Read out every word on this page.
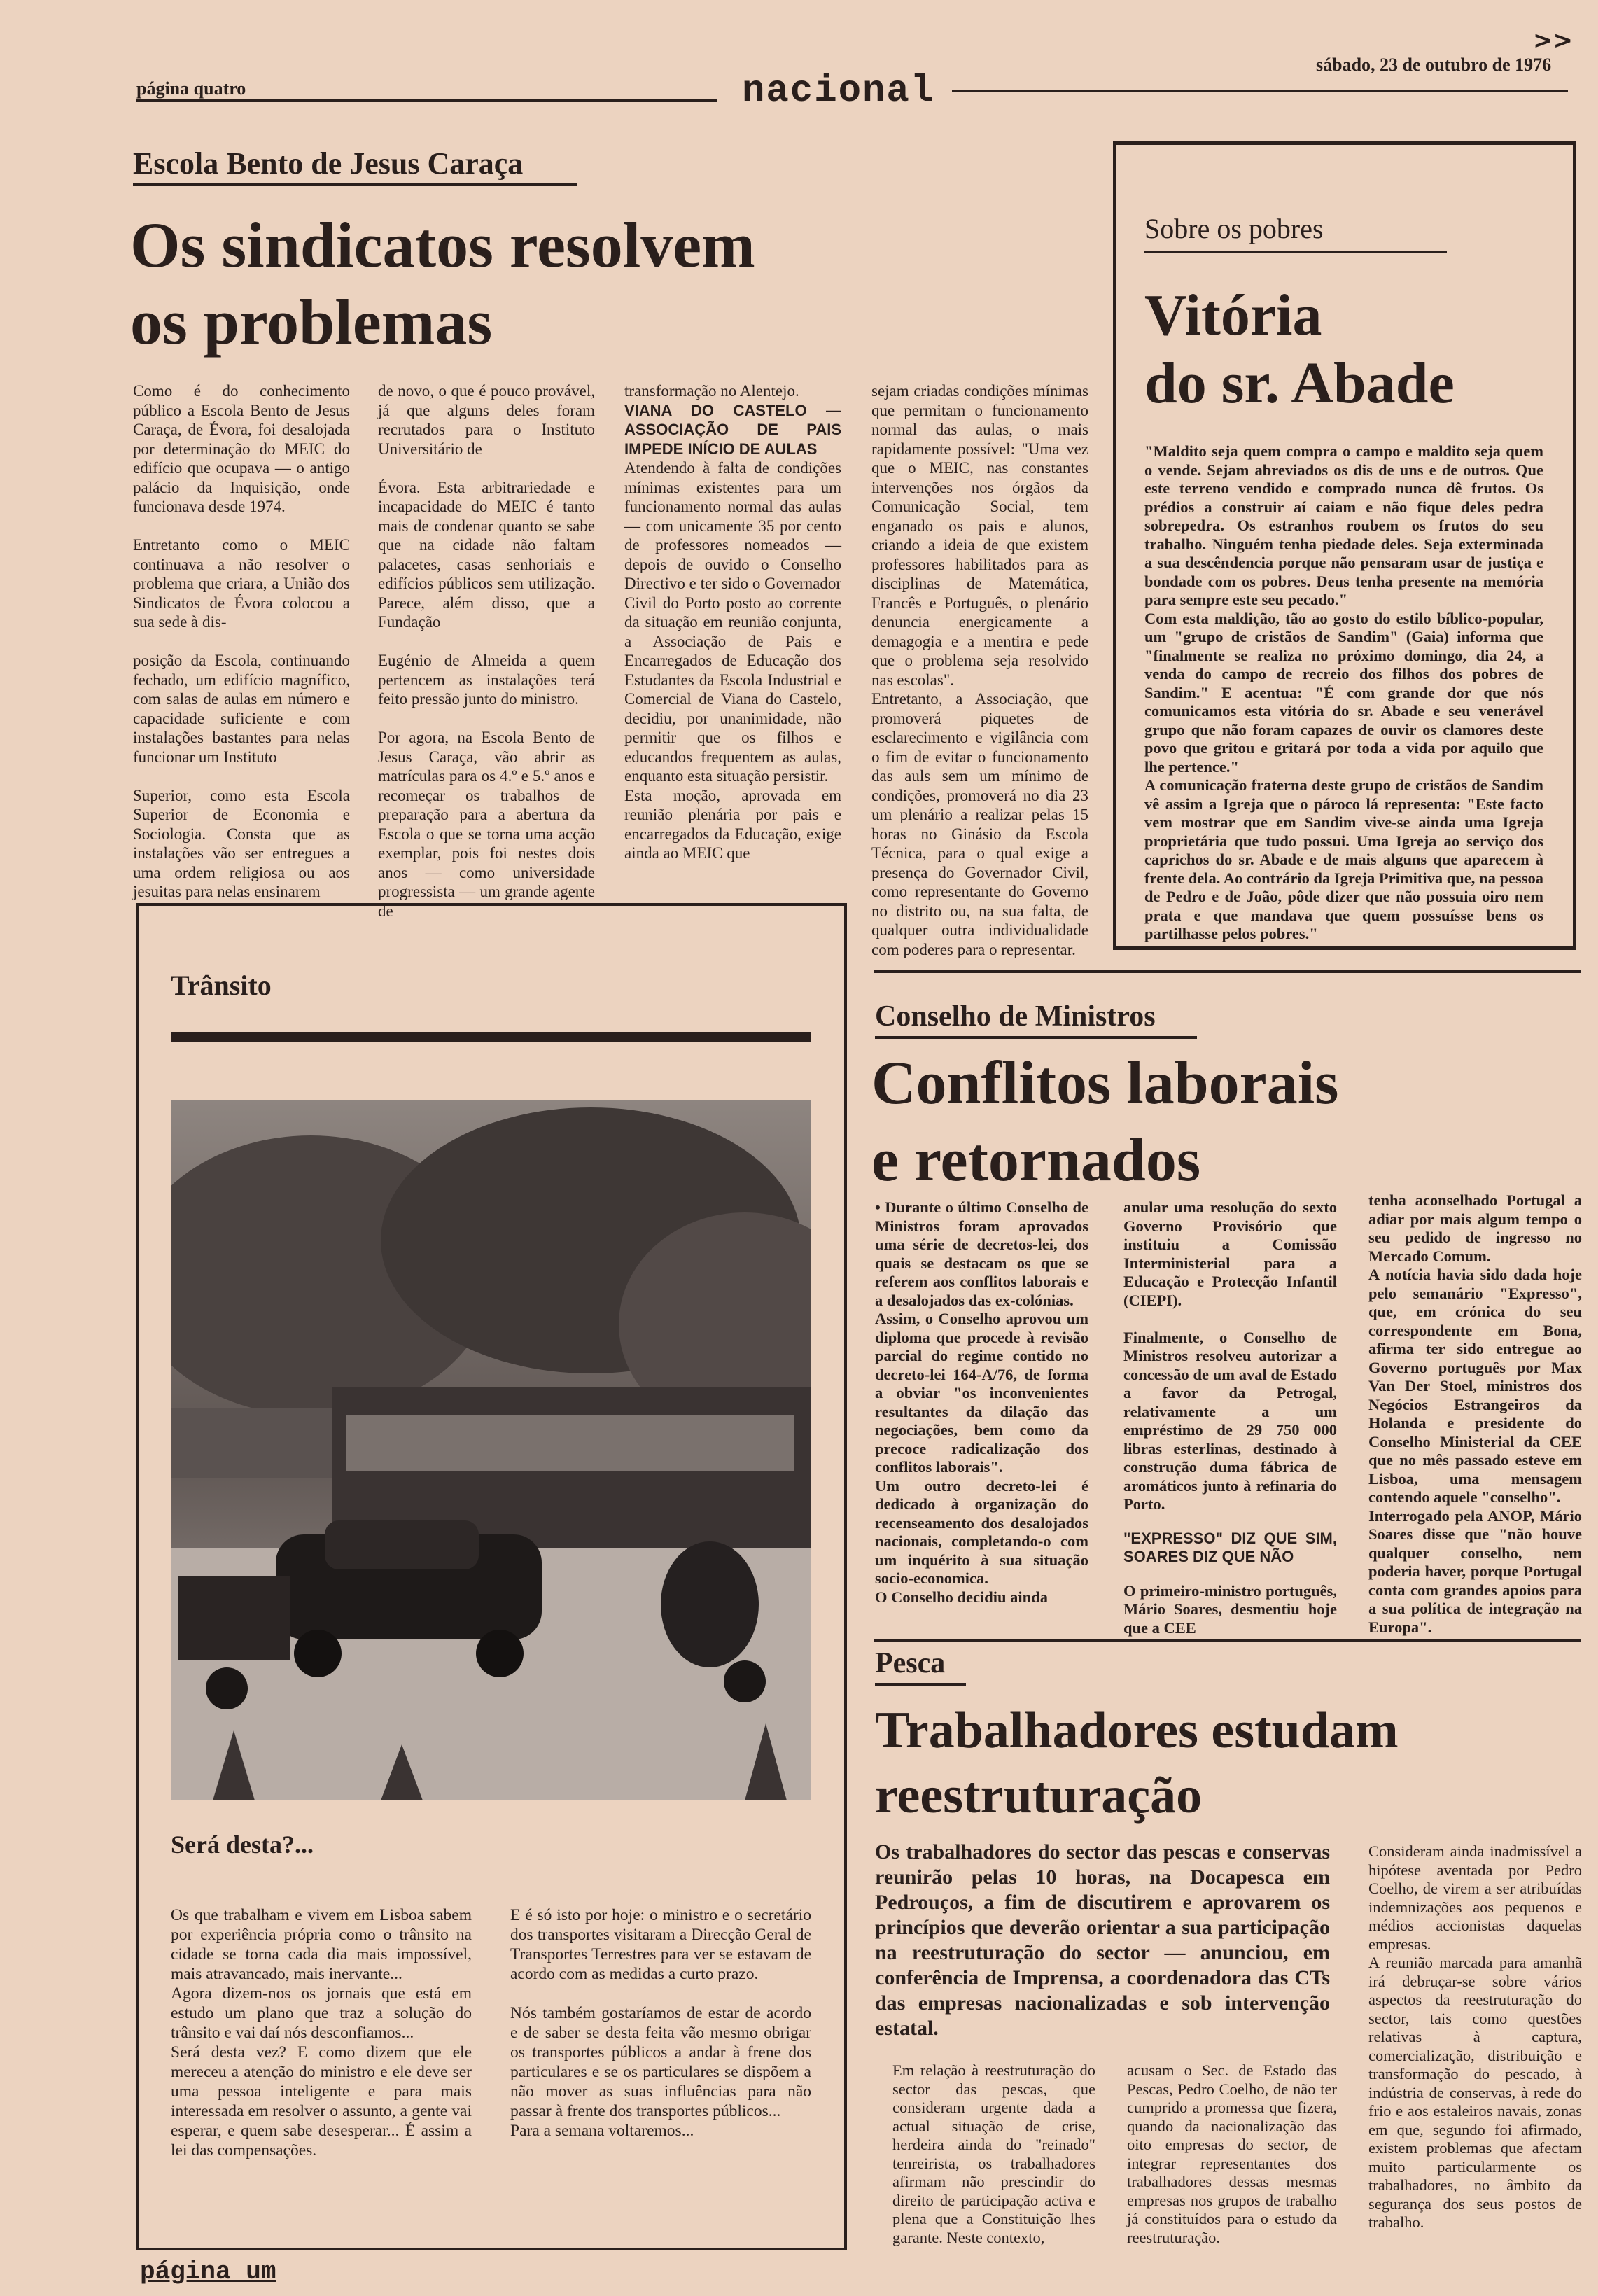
página quatro	nacional
sábado, 23 de outubro de 1976
>>
Escola Bento de Jesus Caraça
Os sindicatos resolvem
os problemas
Como é do conhecimento público a Escola Bento de Jesus Caraça, de Évora, foi desalojada por determinação do MEIC do edifício que ocupava — o antigo palácio da Inquisição, onde funcionava desde 1974.

Entretanto como o MEIC continuava a não resolver o problema que criara, a União dos Sindicatos de Évora colocou a sua sede à dis-

posição da Escola, continuando fechado, um edifício magnífico, com salas de aulas em número e capacidade suficiente e com instalações bastantes para nelas funcionar um Instituto

Superior, como esta Escola Superior de Economia e Sociologia. Consta que as instalações vão ser entregues a uma ordem religiosa ou aos jesuitas para nelas ensinarem
de novo, o que é pouco provável, já que alguns deles foram recrutados para o Instituto Universitário de

Évora. Esta arbitrariedade e incapacidade do MEIC é tanto mais de condenar quanto se sabe que na cidade não faltam palacetes, casas senhoriais e edifícios públicos sem utilização. Parece, além disso, que a Fundação

Eugénio de Almeida a quem pertencem as instalações terá feito pressão junto do ministro.

Por agora, na Escola Bento de Jesus Caraça, vão abrir as matrículas para os 4.º e 5.º anos e recomeçar os trabalhos de preparação para a abertura da Escola o que se torna uma acção exemplar, pois foi nestes dois anos — como universidade progressista — um grande agente de
transformação no Alentejo.
VIANA DO CASTELO — ASSOCIAÇÃO DE PAIS IMPEDE INÍCIO DE AULAS
Atendendo à falta de condições mínimas existentes para um funcionamento normal das aulas — com unicamente 35 por cento de professores nomeados — depois de ouvido o Conselho Directivo e ter sido o Governador Civil do Porto posto ao corrente da situação em reunião conjunta, a Associação de Pais e Encarregados de Educação dos Estudantes da Escola Industrial e Comercial de Viana do Castelo, decidiu, por unanimidade, não permitir que os filhos e educandos frequentem as aulas, enquanto esta situação persistir.
Esta moção, aprovada em reunião plenária por pais e encarregados da Educação, exige ainda ao MEIC que
sejam criadas condições mínimas que permitam o funcionamento normal das aulas, o mais rapidamente possível: "Uma vez que o MEIC, nas constantes intervenções nos órgãos da Comunicação Social, tem enganado os pais e alunos, criando a ideia de que existem professores habilitados para as disciplinas de Matemática, Francês e Português, o plenário denuncia energicamente a demagogia e a mentira e pede que o problema seja resolvido nas escolas".
Entretanto, a Associação, que promoverá piquetes de esclarecimento e vigilância com o fim de evitar o funcionamento das auls sem um mínimo de condições, promoverá no dia 23 um plenário a realizar pelas 15 horas no Ginásio da Escola Técnica, para o qual exige a presença do Governador Civil, como representante do Governo no distrito ou, na sua falta, de qualquer outra individualidade com poderes para o representar.
Sobre os pobres
Vitória
do sr. Abade
"Maldito seja quem compra o campo e maldito seja quem o vende. Sejam abreviados os dis de uns e de outros. Que este terreno vendido e comprado nunca dê frutos. Os prédios a construir aí caiam e não fique deles pedra sobrepedra. Os estranhos roubem os frutos do seu trabalho. Ninguém tenha piedade deles. Seja exterminada a sua descêndencia porque não pensaram usar de justiça e bondade com os pobres. Deus tenha presente na memória para sempre este seu pecado."
Com esta maldição, tão ao gosto do estilo bíblico-popular, um "grupo de cristãos de Sandim" (Gaia) informa que "finalmente se realiza no próximo domingo, dia 24, a venda do campo de recreio dos filhos dos pobres de Sandim." E acentua: "É com grande dor que nós comunicamos esta vitória do sr. Abade e seu venerável grupo que não foram capazes de ouvir os clamores deste povo que gritou e gritará por toda a vida por aquilo que lhe pertence."
A comunicação fraterna deste grupo de cristãos de Sandim vê assim a Igreja que o pároco lá representa: "Este facto vem mostrar que em Sandim vive-se ainda uma Igreja proprietária que tudo possui. Uma Igreja ao serviço dos caprichos do sr. Abade e de mais alguns que aparecem à frente dela. Ao contrário da Igreja Primitiva que, na pessoa de Pedro e de João, pôde dizer que não possuia oiro nem prata e que mandava que quem possuísse bens os partilhasse pelos pobres."
Trânsito
Será desta?...
Os que trabalham e vivem em Lisboa sabem por experiência própria como o trânsito na cidade se torna cada dia mais impossível, mais atravancado, mais inervante...
Agora dizem-nos os jornais que está em estudo um plano que traz a solução do trânsito e vai daí nós desconfiamos...
Será desta vez? E como dizem que ele mereceu a atenção do ministro e ele deve ser uma pessoa inteligente e para mais interessada em resolver o assunto, a gente vai esperar, e quem sabe desesperar... É assim a lei das compensações.
E é só isto por hoje: o ministro e o secretário dos transportes visitaram a Direcção Geral de Transportes Terrestres para ver se estavam de acordo com as medidas a curto prazo.

Nós também gostaríamos de estar de acordo e de saber se desta feita vão mesmo obrigar os transportes públicos a andar à frene dos particulares e se os particulares se dispõem a não mover as suas influências para não passar à frente dos transportes públicos...
Para a semana voltaremos...
Conselho de Ministros
Conflitos laborais
e retornados
• Durante o último Conselho de Ministros foram aprovados uma série de decretos-lei, dos quais se destacam os que se referem aos conflitos laborais e a desalojados das ex-colónias.
Assim, o Conselho aprovou um diploma que procede à revisão parcial do regime contido no decreto-lei 164-A/76, de forma a obviar "os inconvenientes resultantes da dilação das negociações, bem como da precoce radicalização dos conflitos laborais".
Um outro decreto-lei é dedicado à organização do recenseamento dos desalojados nacionais, completando-o com um inquérito à sua situação socio-economica.
O Conselho decidiu ainda
anular uma resolução do sexto Governo Provisório que instituiu a Comissão Interministerial para a Educação e Protecção Infantil (CIEPI).

Finalmente, o Conselho de Ministros resolveu autorizar a concessão de um aval de Estado a favor da Petrogal, relativamente a um empréstimo de 29 750 000 libras esterlinas, destinado à construção duma fábrica de aromáticos junto à refinaria do Porto.
"EXPRESSO" DIZ QUE SIM, SOARES DIZ QUE NÃO
O primeiro-ministro português, Mário Soares, desmentiu hoje que a CEE
tenha aconselhado Portugal a adiar por mais algum tempo o seu pedido de ingresso no Mercado Comum.
A notícia havia sido dada hoje pelo semanário "Expresso", que, em crónica do seu correspondente em Bona, afirma ter sido entregue ao Governo português por Max Van Der Stoel, ministros dos Negócios Estrangeiros da Holanda e presidente do Conselho Ministerial da CEE que no mês passado esteve em Lisboa, uma mensagem contendo aquele "conselho".
Interrogado pela ANOP, Mário Soares disse que "não houve qualquer conselho, nem poderia haver, porque Portugal conta com grandes apoios para a sua política de integração na Europa".
Pesca
Trabalhadores estudam
reestruturação
Os trabalhadores do sector das pescas e conservas reunirão pelas 10 horas, na Docapesca em Pedrouços, a fim de discutirem e aprovarem os princípios que deverão orientar a sua participação na reestruturação do sector — anunciou, em conferência de Imprensa, a coordenadora das CTs das empresas nacionalizadas e sob intervenção estatal.
Em relação à reestruturação do sector das pescas, que consideram urgente dada a actual situação de crise, herdeira ainda do "reinado" tenreirista, os trabalhadores afirmam não prescindir do direito de participação activa e plena que a Constituição lhes garante. Neste contexto,
acusam o Sec. de Estado das Pescas, Pedro Coelho, de não ter cumprido a promessa que fizera, quando da nacionalização das oito empresas do sector, de integrar representantes dos trabalhadores dessas mesmas empresas nos grupos de trabalho já constituídos para o estudo da reestruturação.
Consideram ainda inadmissível a hipótese aventada por Pedro Coelho, de virem a ser atribuídas indemnizações aos pequenos e médios accionistas daquelas empresas.
A reunião marcada para amanhã irá debruçar-se sobre vários aspectos da reestruturação do sector, tais como questões relativas à captura, comercialização, distribuição e transformação do pescado, à indústria de conservas, à rede do frio e aos estaleiros navais, zonas em que, segundo foi afirmado, existem problemas que afectam muito particularmente os trabalhadores, no âmbito da segurança dos seus postos de trabalho.
página um
